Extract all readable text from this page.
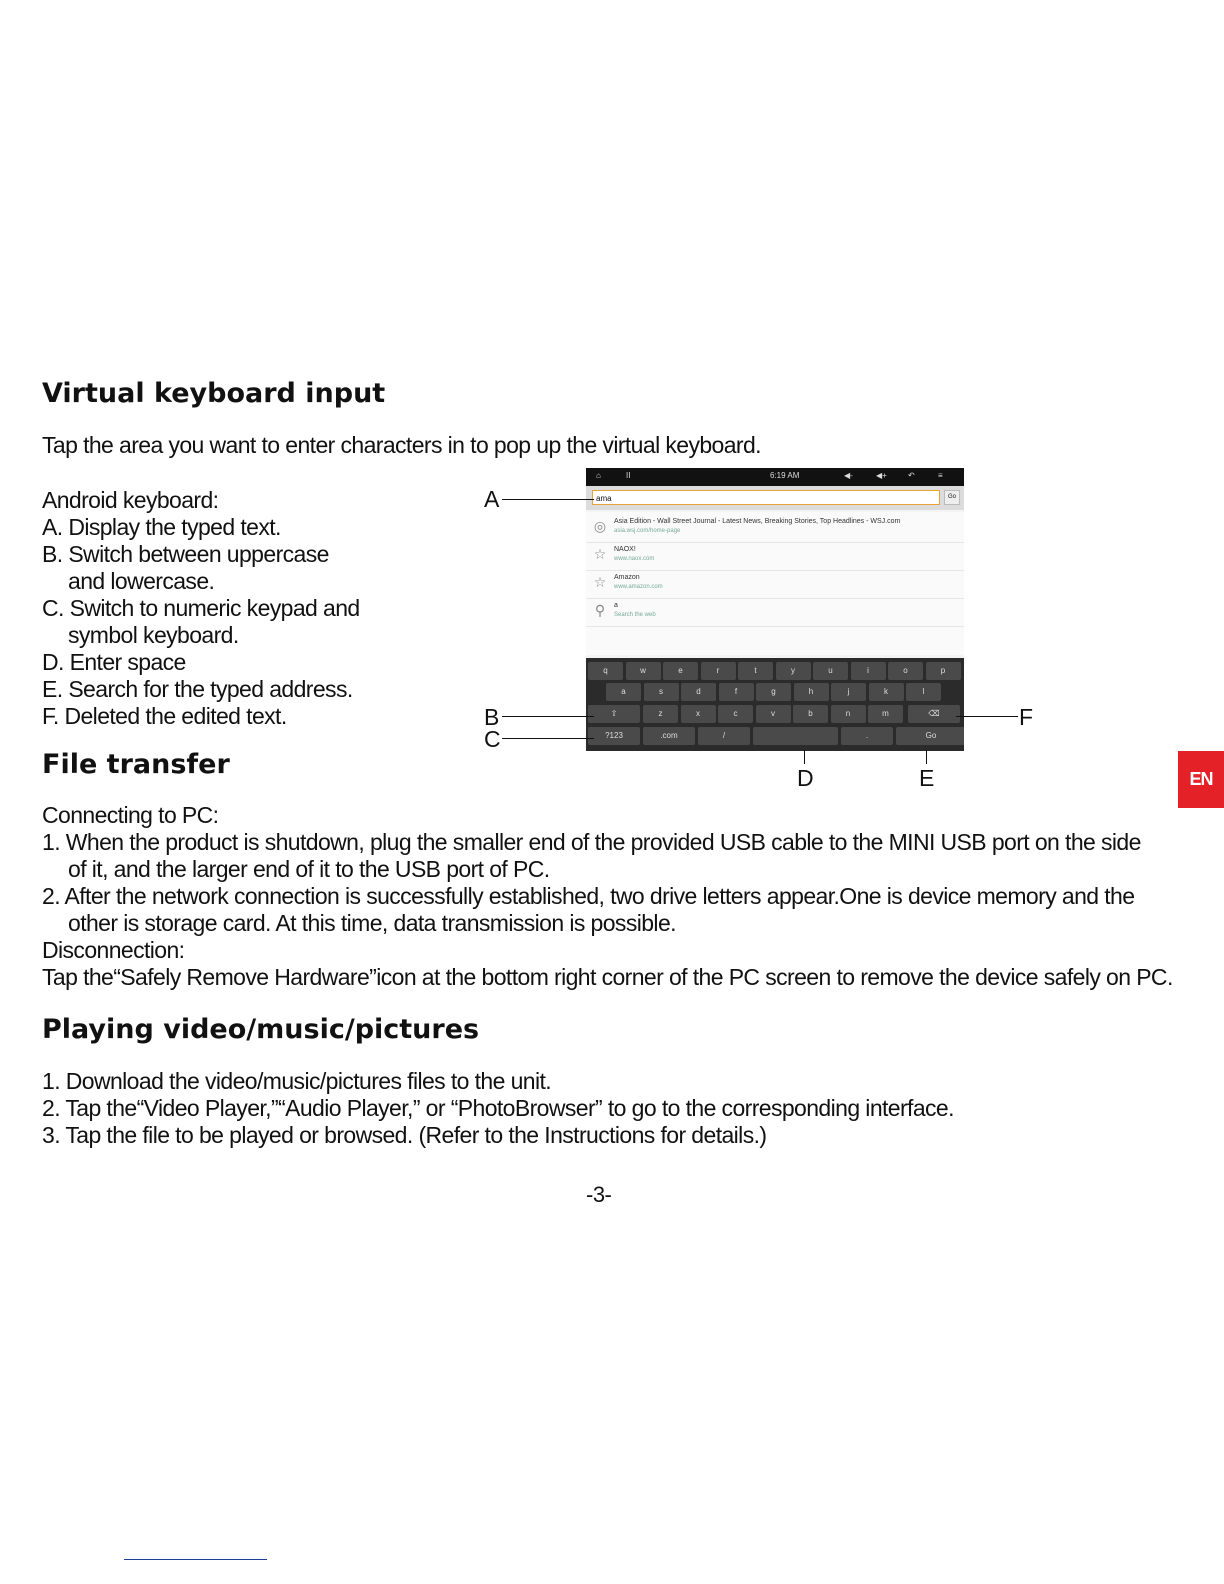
Virtual keyboard input

Tap the area you want to enter characters in to pop up the virtual keyboard.

Android keyboard:

A. Display the typed text.

B. Switch between uppercase

and lowercase.

C. Switch to numeric keypad and

symbol keyboard.

D. Enter space

E. Search for the typed address.

F. Deleted the edited text.

⌂	II	6:19 AM	◀-	◀+	↶	≡
ama	Go
◎ Asia Edition - Wall Street Journal - Latest News, Breaking Stories, Top Headlines - WSJ.com
asia.wsj.com/home-page
☆ NAOX!
www.naox.com
☆ Amazon
www.amazon.com
⚲	a
Search the web
q	w	e	r	t	y	u	i	o	p
a	s	d	f	g	h	j	k	l
⇧	⌫
z	x	c	v	b	n	m
?123	.com	/	.	Go
A
B
C
F
D	E
File transfer

Connecting to PC:

1. When the product is shutdown, plug the smaller end of the provided USB cable to the MINI USB port on the side

of it, and the larger end of it to the USB port of PC.

2. After the network connection is successfully established, two drive letters appear.One is device memory and the

other is storage card. At this time, data transmission is possible.

Disconnection:

Tap the“Safely Remove Hardware”icon at the bottom right corner of the PC screen to remove the device safely on PC.

Playing video/music/pictures

1. Download the video/music/pictures files to the unit.

2. Tap the“Video Player,”“Audio Player,” or “PhotoBrowser” to go to the corresponding interface.

3. Tap the file to be played or browsed. (Refer to the Instructions for details.)

EN
-3-
